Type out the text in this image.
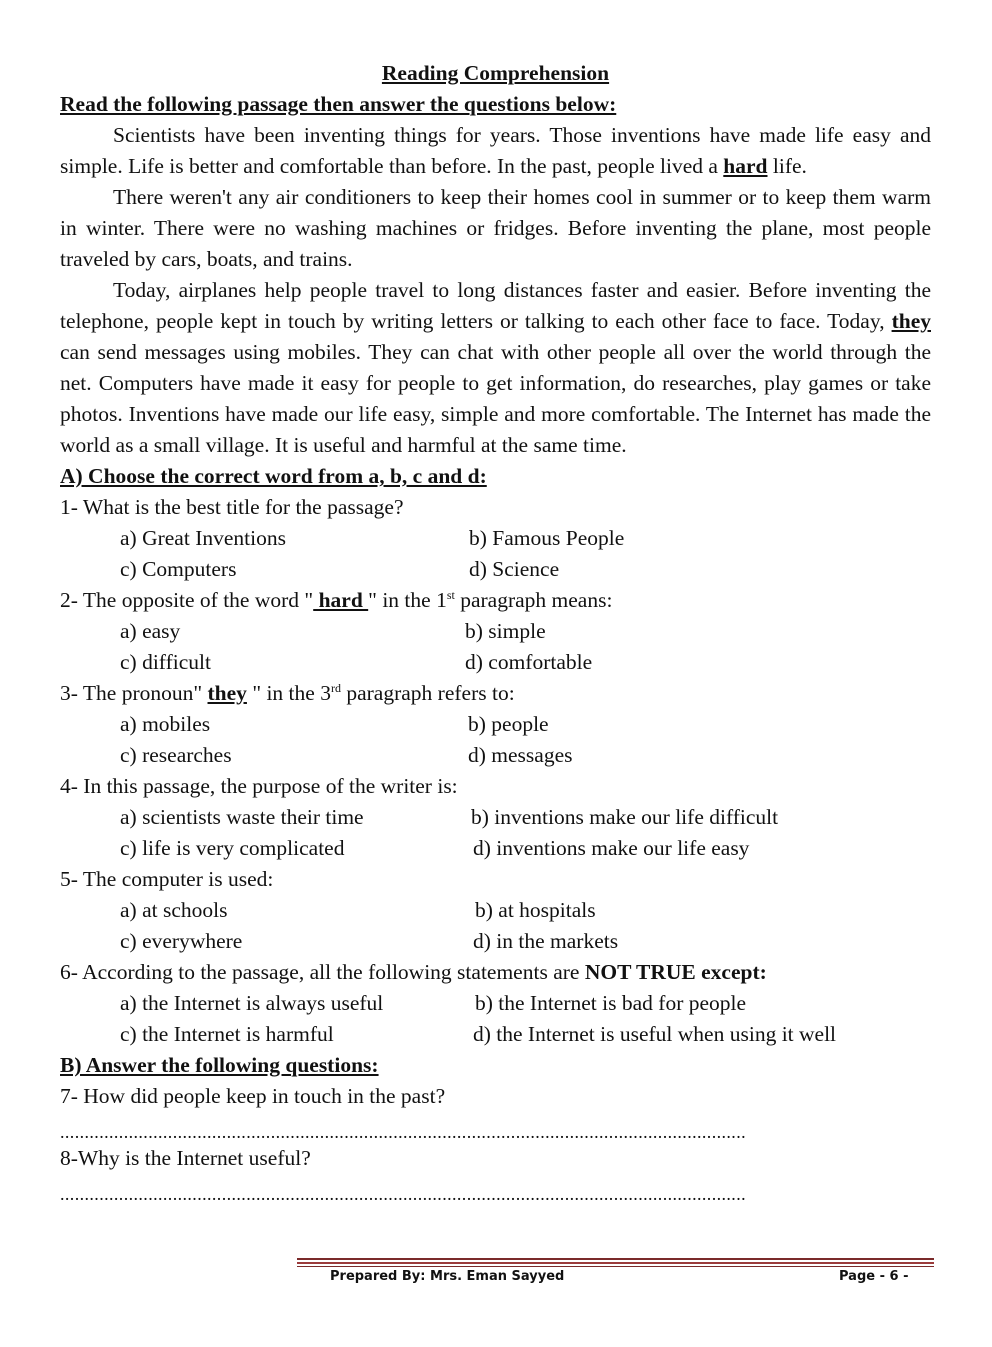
Reading Comprehension
Read the following passage then answer the questions below:
Scientists have been inventing things for years. Those inventions have made life easy and simple. Life is better and comfortable than before. In the past, people lived a hard life.
There weren't any air conditioners to keep their homes cool in summer or to keep them warm in winter. There were no washing machines or fridges. Before inventing the plane, most people traveled by cars, boats, and trains.
Today, airplanes help people travel to long distances faster and easier. Before inventing the telephone, people kept in touch by writing letters or talking to each other face to face. Today, they can send messages using mobiles. They can chat with other people all over the world through the net. Computers have made it easy for people to get information, do researches, play games or take photos. Inventions have made our life easy, simple and more comfortable. The Internet has made the world as a small village. It is useful and harmful at the same time.
A) Choose the correct word from a, b, c and d:
1- What is the best title for the passage?
a) Great Inventions	b) Famous People
c) Computers	d) Science
2- The opposite of the word " hard " in the 1st paragraph means:
a) easy	b) simple
c) difficult	d) comfortable
3- The pronoun" they " in the 3rd paragraph refers to:
a) mobiles	b) people
c) researches	d) messages
4- In this passage, the purpose of the writer is:
a) scientists waste their time	b) inventions make our life difficult
c) life is very complicated	d) inventions make our life easy
5- The computer is used:
a) at schools	b) at hospitals
c) everywhere	d) in the markets
6- According to the passage, all the following statements are NOT TRUE except:
a) the Internet is always useful	b) the Internet is bad for people
c) the Internet is harmful	d) the Internet is useful when using it well
B) Answer the following questions:
7- How did people keep in touch in the past?
............................................................................................................................................
8-Why is the Internet useful?
............................................................................................................................................
Prepared By: Mrs. Eman Sayyed	Page - 6 -
